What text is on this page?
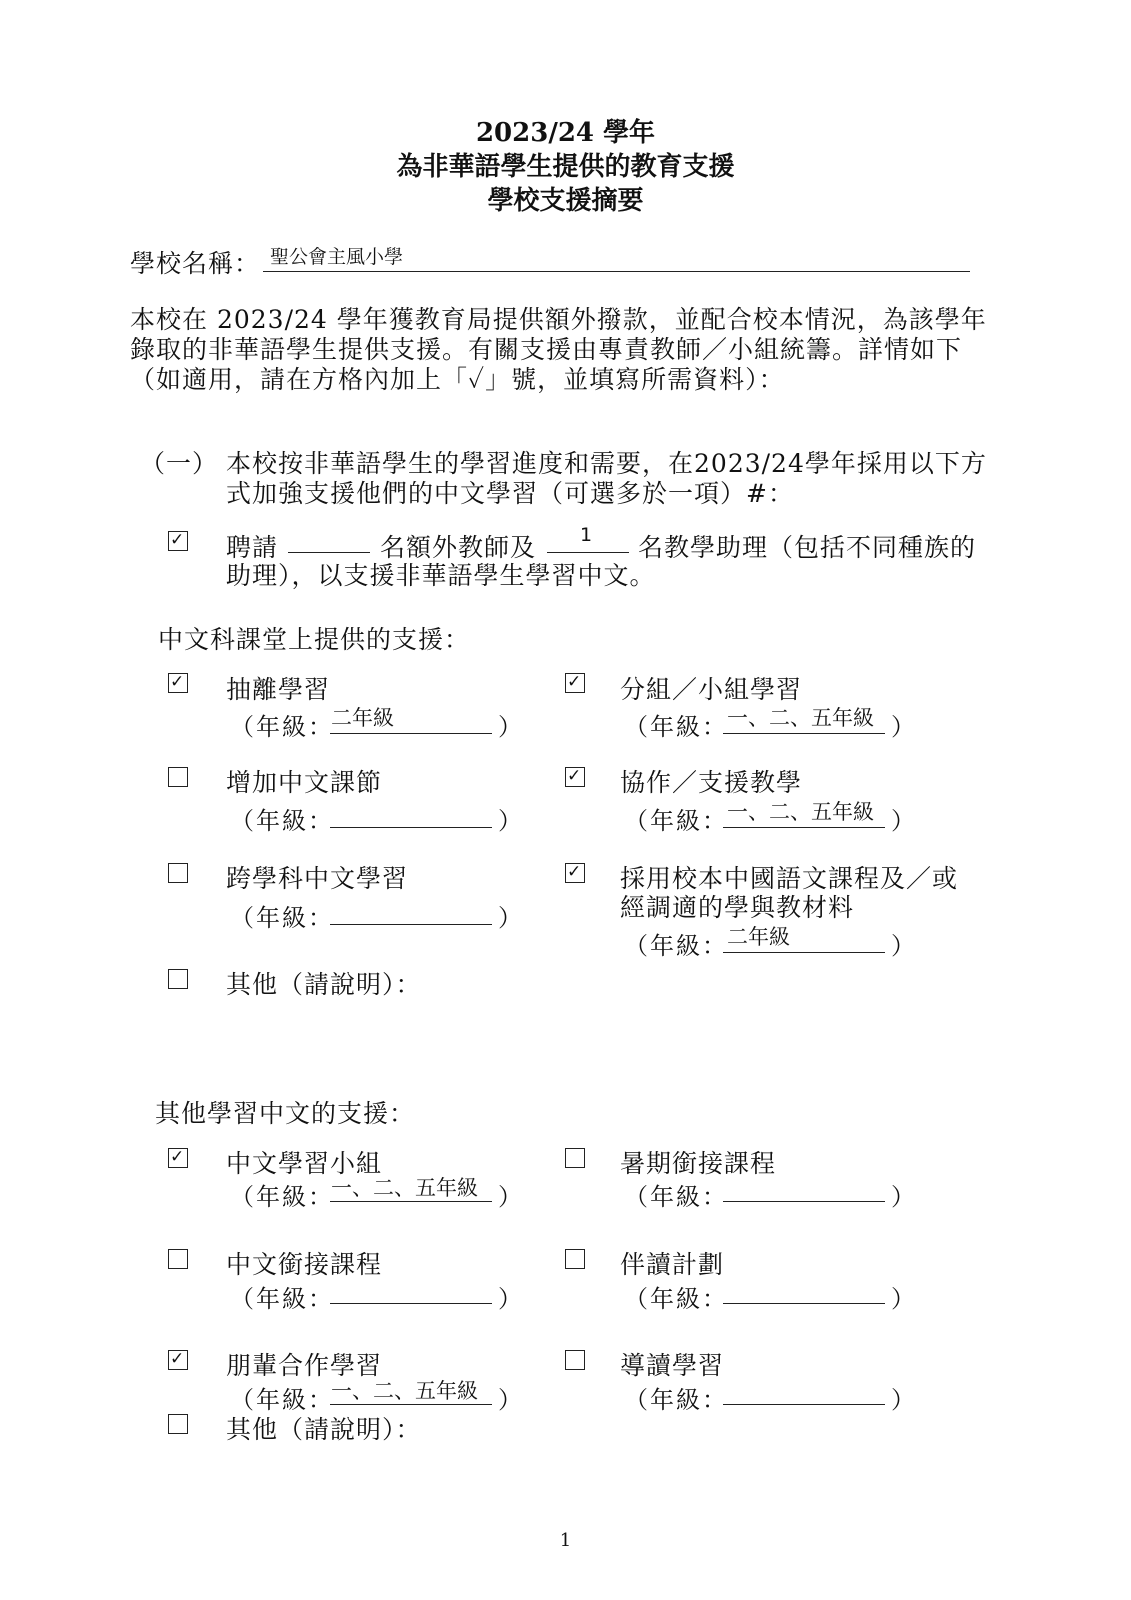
2023/24 學年
為非華語學生提供的教育支援
學校支援摘要
學校名稱： 聖公會主風小學
本校在 2023/24 學年獲教育局提供額外撥款，並配合校本情況，為該學年
錄取的非華語學生提供支援。有關支援由專責教師／小組統籌。詳情如下
（如適用，請在方格內加上「✓」號，並填寫所需資料）：
（一） 本校按非華語學生的學習進度和需要，在2023/24學年採用以下方
式加強支援他們的中文學習（可選多於一項）#：
✓ 聘請	名額外教師及 1 名教學助理（包括不同種族的
助理），以支援非華語學生學習中文。
中文科課堂上提供的支援：
✓ 抽離學習
（年級：
二年級	）
✓ 分組／小組學習
（年級： 一、二、五年級 ）
增加中文課節
（年級：	）
✓ 協作／支援教學
（年級： 一、二、五年級 ）
跨學科中文學習
（年級：	）
✓ 採用校本中國語文課程及／或
經調適的學與教材料
（年級： 二年級	）
其他（請說明）：
其他學習中文的支援：
✓ 中文學習小組
（年級：
一、二、五年級 ）
暑期銜接課程
（年級：	）
中文銜接課程
（年級：	）
伴讀計劃
（年級：	）
✓ 朋輩合作學習
（年級：
一、二、五年級 ）
導讀學習
（年級：	）
其他（請說明）：
1
